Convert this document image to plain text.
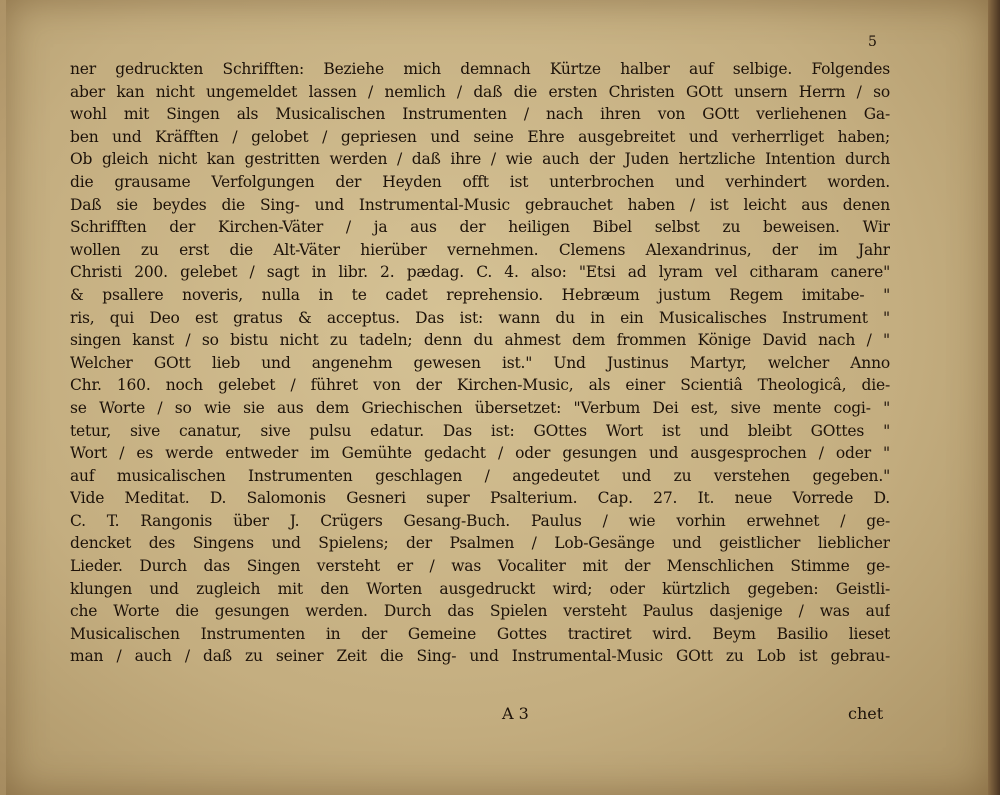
5
ner gedruckten Schrifften: Beziehe mich demnach Kürtze halber auf selbige. Folgendes
aber kan nicht ungemeldet lassen / nemlich / daß die ersten Christen GOtt unsern Herrn / so
wohl mit Singen als Musicalischen Instrumenten / nach ihren von GOtt verliehenen Ga-
ben und Kräfften / gelobet / gepriesen und seine Ehre ausgebreitet und verherrliget haben;
Ob gleich nicht kan gestritten werden / daß ihre / wie auch der Juden hertzliche Intention durch
die grausame Verfolgungen der Heyden offt ist unterbrochen und verhindert worden.
Daß sie beydes die Sing- und Instrumental-Music gebrauchet haben / ist leicht aus denen
Schrifften der Kirchen-Väter / ja aus der heiligen Bibel selbst zu beweisen. Wir
wollen zu erst die Alt-Väter hierüber vernehmen. Clemens Alexandrinus, der im Jahr
Christi 200. gelebet / sagt in libr. 2. pædag. C. 4. also: "Etsi ad lyram vel citharam canere"
& psallere noveris, nulla in te cadet reprehensio. Hebræum justum Regem imitabe- "
ris, qui Deo est gratus & acceptus. Das ist: wann du in ein Musicalisches Instrument "
singen kanst / so bistu nicht zu tadeln; denn du ahmest dem frommen Könige David nach / "
Welcher GOtt lieb und angenehm gewesen ist." Und Justinus Martyr, welcher Anno
Chr. 160. noch gelebet / führet von der Kirchen-Music, als einer Scientiâ Theologicâ, die-
se Worte / so wie sie aus dem Griechischen übersetzet: "Verbum Dei est, sive mente cogi- "
tetur, sive canatur, sive pulsu edatur. Das ist: GOttes Wort ist und bleibt GOttes "
Wort / es werde entweder im Gemühte gedacht / oder gesungen und ausgesprochen / oder "
auf musicalischen Instrumenten geschlagen / angedeutet und zu verstehen gegeben."
Vide Meditat. D. Salomonis Gesneri super Psalterium. Cap. 27. It. neue Vorrede D.
C. T. Rangonis über J. Crügers Gesang-Buch. Paulus / wie vorhin erwehnet / ge-
dencket des Singens und Spielens; der Psalmen / Lob-Gesänge und geistlicher lieblicher
Lieder. Durch das Singen versteht er / was Vocaliter mit der Menschlichen Stimme ge-
klungen und zugleich mit den Worten ausgedruckt wird; oder kürtzlich gegeben: Geistli-
che Worte die gesungen werden. Durch das Spielen versteht Paulus dasjenige / was auf
Musicalischen Instrumenten in der Gemeine Gottes tractiret wird. Beym Basilio lieset
man / auch / daß zu seiner Zeit die Sing- und Instrumental-Music GOtt zu Lob ist gebrau-
A 3	chet
